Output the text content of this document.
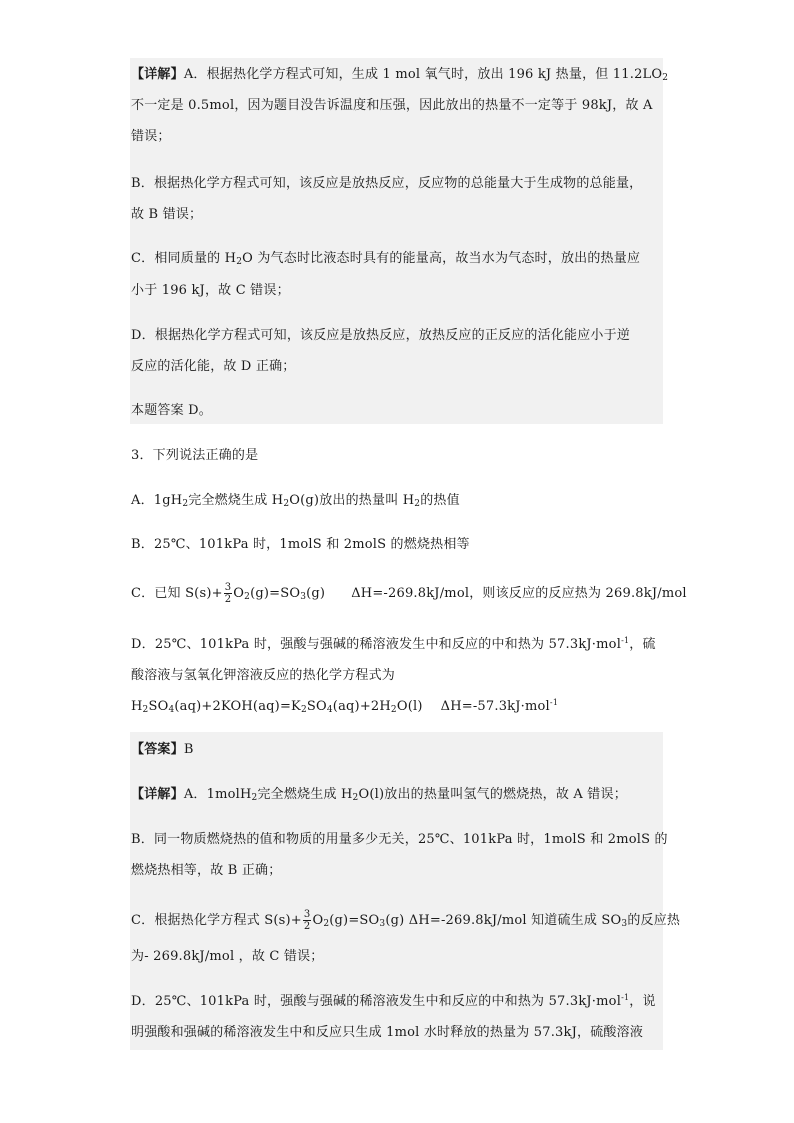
【详解】A．根据热化学方程式可知，生成 1 mol 氧气时，放出 196 kJ 热量，但 $11.2LO_2$
不一定是 0.5mol，因为题目没告诉温度和压强，因此放出的热量不一定等于 98kJ，故 A
错误；
B．根据热化学方程式可知，该反应是放热反应，反应物的总能量大于生成物的总能量，
故 B 错误；
C．相同质量的 $H_2O$ 为气态时比液态时具有的能量高，故当水为气态时，放出的热量应
小于 196 kJ，故 C 错误；
D．根据热化学方程式可知，该反应是放热反应，放热反应的正反应的活化能应小于逆
反应的活化能，故 D 正确；
本题答案 D。
3．下列说法正确的是
A．$1gH_2$完全燃烧生成 $H_2O(g)$放出的热量叫 $H_2$的热值
B．25℃、101kPa 时，1molS 和 2molS 的燃烧热相等
C．已知 $S(s)+ \frac{3}{2} O_2(g)=SO_3(g)$ ΔH=-269.8kJ/mol，则该反应的反应热为 269.8kJ/mol
D．25℃、101kPa 时，强酸与强碱的稀溶液发生中和反应的中和热为 57.3kJ·mol$^{-1}$，硫
酸溶液与氢氧化钾溶液反应的热化学方程式为
$H_2SO_4(aq)+2KOH(aq)=K_2SO_4(aq)+2H_2O(l)$ ΔH=-57.3kJ·mol$^{-1}$
【答案】B
【详解】A．1molH$_2$完全燃烧生成 $H_2O(l)$放出的热量叫氢气的燃烧热，故 A 错误；
B．同一物质燃烧热的值和物质的用量多少无关，25℃、101kPa 时，1molS 和 2molS 的
燃烧热相等，故 B 正确；
C．根据热化学方程式 $S(s)+ \frac{3}{2} O_2(g)=SO_3(g)$ ΔH=-269.8kJ/mol 知道硫生成 $SO_3$的反应热
为- 269.8kJ/mol ，故 C 错误；
D．25℃、101kPa 时，强酸与强碱的稀溶液发生中和反应的中和热为 57.3kJ·mol$^{-1}$，说
明强酸和强碱的稀溶液发生中和反应只生成 1mol 水时释放的热量为 57.3kJ，硫酸溶液
